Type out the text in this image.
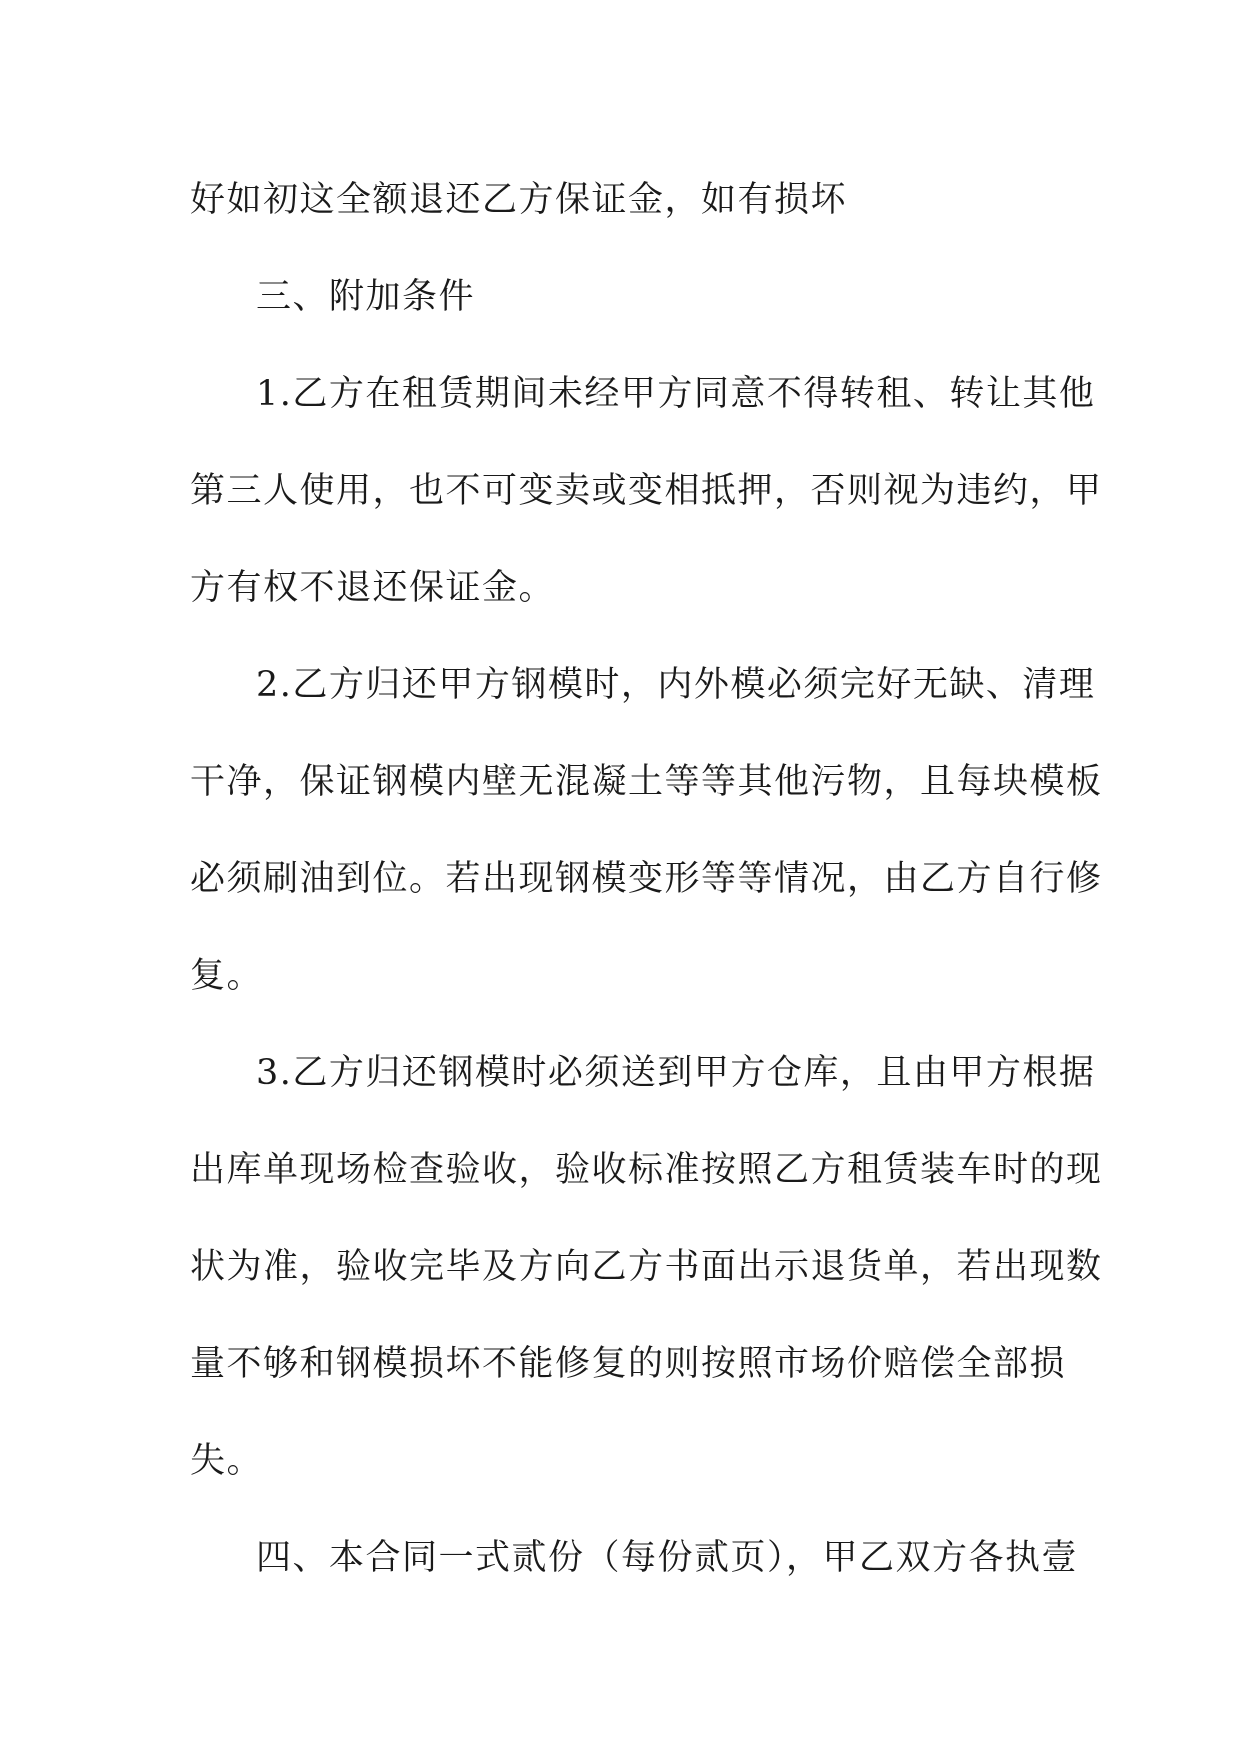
好如初这全额退还乙方保证金，如有损坏

三、附加条件

1.乙方在租赁期间未经甲方同意不得转租、转让其他

第三人使用，也不可变卖或变相抵押，否则视为违约，甲

方有权不退还保证金。

2.乙方归还甲方钢模时，内外模必须完好无缺、清理

干净，保证钢模内壁无混凝土等等其他污物，且每块模板

必须刷油到位。若出现钢模变形等等情况，由乙方自行修

复。

3.乙方归还钢模时必须送到甲方仓库，且由甲方根据

出库单现场检查验收，验收标准按照乙方租赁装车时的现

状为准，验收完毕及方向乙方书面出示退货单，若出现数

量不够和钢模损坏不能修复的则按照市场价赔偿全部损

失。

四、本合同一式贰份（每份贰页），甲乙双方各执壹
